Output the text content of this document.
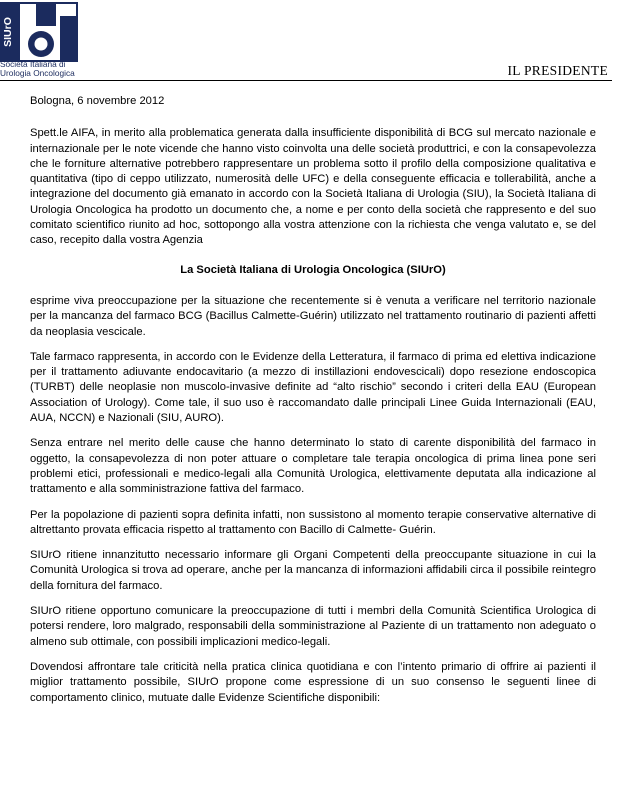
SIUrO
Società Italiana di
Urologia Oncologica	IL PRESIDENTE

Bologna, 6 novembre 2012

Spett.le AIFA, in merito alla problematica generata dalla insufficiente disponibilità di BCG sul mercato nazionale e internazionale per le note vicende che hanno visto coinvolta una delle società produttrici, e con la consapevolezza che le forniture alternative potrebbero rappresentare un problema sotto il profilo della composizione qualitativa e quantitativa (tipo di ceppo utilizzato, numerosità delle UFC) e della conseguente efficacia e tollerabilità, anche a integrazione del documento già emanato in accordo con la Società Italiana di Urologia (SIU), la Società Italiana di Urologia Oncologica ha prodotto un documento che, a nome e per conto della società che rappresento e del suo comitato scientifico riunito ad hoc, sottopongo alla vostra attenzione con la richiesta che venga valutato e, se del caso, recepito dalla vostra Agenzia

La Società Italiana di Urologia Oncologica (SIUrO)

esprime viva preoccupazione per la situazione che recentemente si è venuta a verificare nel territorio nazionale per la mancanza del farmaco BCG (Bacillus Calmette-Guérin) utilizzato nel trattamento routinario di pazienti affetti da neoplasia vescicale.

Tale farmaco rappresenta, in accordo con le Evidenze della Letteratura, il farmaco di prima ed elettiva indicazione per il trattamento adiuvante endocavitario (a mezzo di instillazioni endovescicali) dopo resezione endoscopica (TURBT) delle neoplasie non muscolo-invasive definite ad “alto rischio” secondo i criteri della EAU (European Association of Urology). Come tale, il suo uso è raccomandato dalle principali Linee Guida Internazionali (EAU, AUA, NCCN) e Nazionali (SIU, AURO).

Senza entrare nel merito delle cause che hanno determinato lo stato di carente disponibilità del farmaco in oggetto, la consapevolezza di non poter attuare o completare tale terapia oncologica di prima linea pone seri problemi etici, professionali e medico-legali alla Comunità Urologica, elettivamente deputata alla indicazione al trattamento e alla somministrazione fattiva del farmaco.

Per la popolazione di pazienti sopra definita infatti, non sussistono al momento terapie conservative alternative di altrettanto provata efficacia rispetto al trattamento con Bacillo di Calmette- Guérin.

SIUrO ritiene innanzitutto necessario informare gli Organi Competenti della preoccupante situazione in cui la Comunità Urologica si trova ad operare, anche per la mancanza di informazioni affidabili circa il possibile reintegro della fornitura del farmaco.

SIUrO ritiene opportuno comunicare la preoccupazione di tutti i membri della Comunità Scientifica Urologica di potersi rendere, loro malgrado, responsabili della somministrazione al Paziente di un trattamento non adeguato o almeno sub ottimale, con possibili implicazioni medico-legali.

Dovendosi affrontare tale criticità nella pratica clinica quotidiana e con l’intento primario di offrire ai pazienti il miglior trattamento possibile, SIUrO propone come espressione di un suo consenso le seguenti linee di comportamento clinico, mutuate dalle Evidenze Scientifiche disponibili:
